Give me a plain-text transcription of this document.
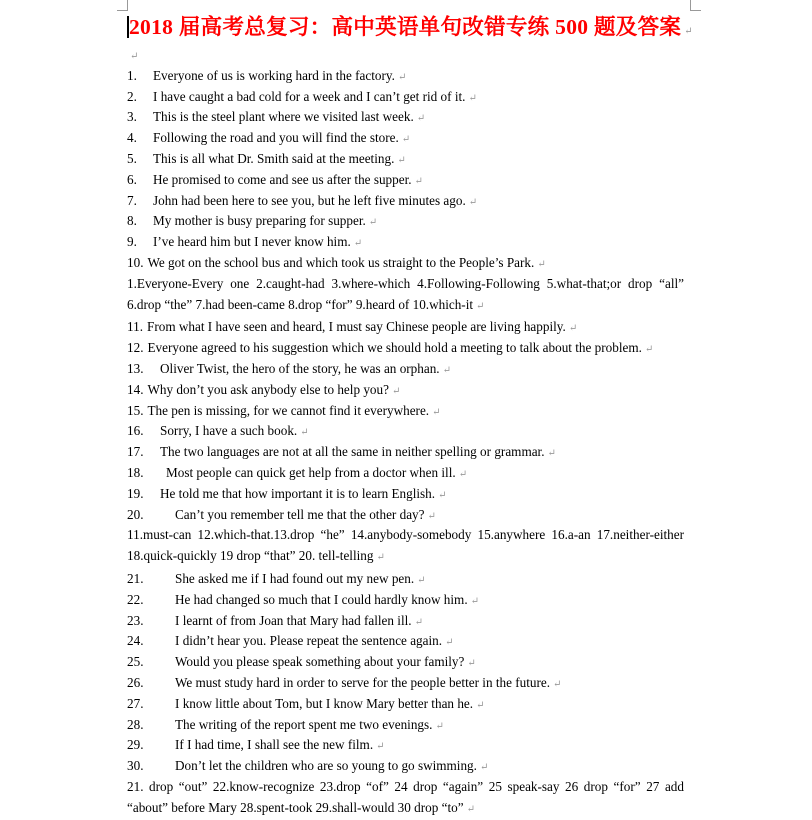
2018 届高考总复习：高中英语单句改错专练 500 题及答案 ↵
↵
1. Everyone of us is working hard in the factory. ↵
2. I have caught a bad cold for a week and I can’t get rid of it. ↵
3. This is the steel plant where we visited last week. ↵
4. Following the road and you will find the store. ↵
5. This is all what Dr. Smith said at the meeting. ↵
6. He promised to come and see us after the supper. ↵
7. John had been here to see you, but he left five minutes ago. ↵
8. My mother is busy preparing for supper. ↵
9. I’ve heard him but I never know him. ↵
10. We got on the school bus and which took us straight to the People’s Park. ↵
1.Everyone-Every one 2.caught-had 3.where-which 4.Following-Following 5.what-that;or drop “all” 6.drop “the” 7.had been-came 8.drop “for” 9.heard of 10.which-it ↵
11. From what I have seen and heard, I must say Chinese people are living happily. ↵
12. Everyone agreed to his suggestion which we should hold a meeting to talk about the problem. ↵
13. Oliver Twist, the hero of the story, he was an orphan. ↵
14. Why don’t you ask anybody else to help you? ↵
15. The pen is missing, for we cannot find it everywhere. ↵
16. Sorry, I have a such book. ↵
17. The two languages are not at all the same in neither spelling or grammar. ↵
18. Most people can quick get help from a doctor when ill. ↵
19. He told me that how important it is to learn English. ↵
20. Can’t you remember tell me that the other day? ↵
11.must-can 12.which-that.13.drop “he” 14.anybody-somebody 15.anywhere 16.a-an 17.neither-either 18.quick-quickly 19 drop “that” 20. tell-telling ↵
21. She asked me if I had found out my new pen. ↵
22. He had changed so much that I could hardly know him. ↵
23. I learnt of from Joan that Mary had fallen ill. ↵
24. I didn’t hear you. Please repeat the sentence again. ↵
25. Would you please speak something about your family? ↵
26. We must study hard in order to serve for the people better in the future. ↵
27. I know little about Tom, but I know Mary better than he. ↵
28. The writing of the report spent me two evenings. ↵
29. If I had time, I shall see the new film. ↵
30. Don’t let the children who are so young to go swimming. ↵
21. drop “out” 22.know-recognize 23.drop “of” 24 drop “again” 25 speak-say 26 drop “for” 27 add “about” before Mary 28.spent-took 29.shall-would 30 drop “to” ↵
